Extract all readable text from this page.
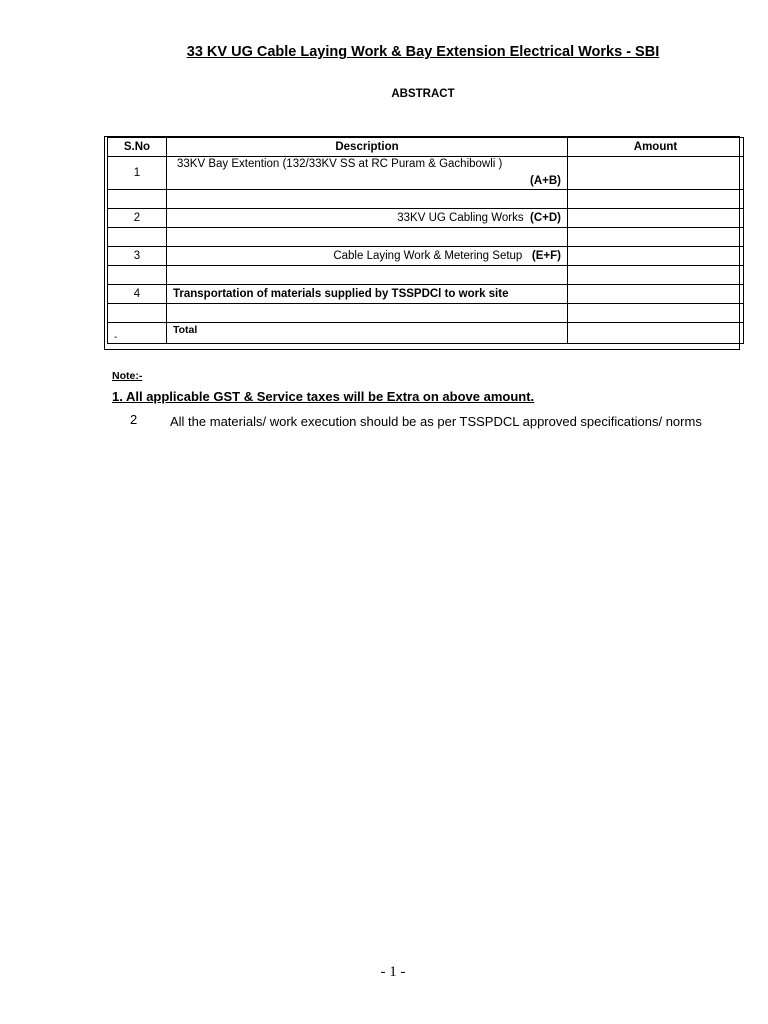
33 KV UG Cable Laying Work & Bay Extension Electrical Works - SBI
ABSTRACT
S.No	Description	Amount
1	33KV Bay Extention (132/33KV SS at RC Puram & Gachibowli )
(A+B)	

2	33KV UG Cabling Works (C+D)	

3	Cable Laying Work & Metering Setup (E+F)	

4	Transportation of materials supplied by TSSPDCl to work site	

-	Total	
Note:-
1. All applicable GST & Service taxes will be Extra on above amount.
2	All the materials/ work execution should be as per TSSPDCL approved specifications/ norms
- 1 -
